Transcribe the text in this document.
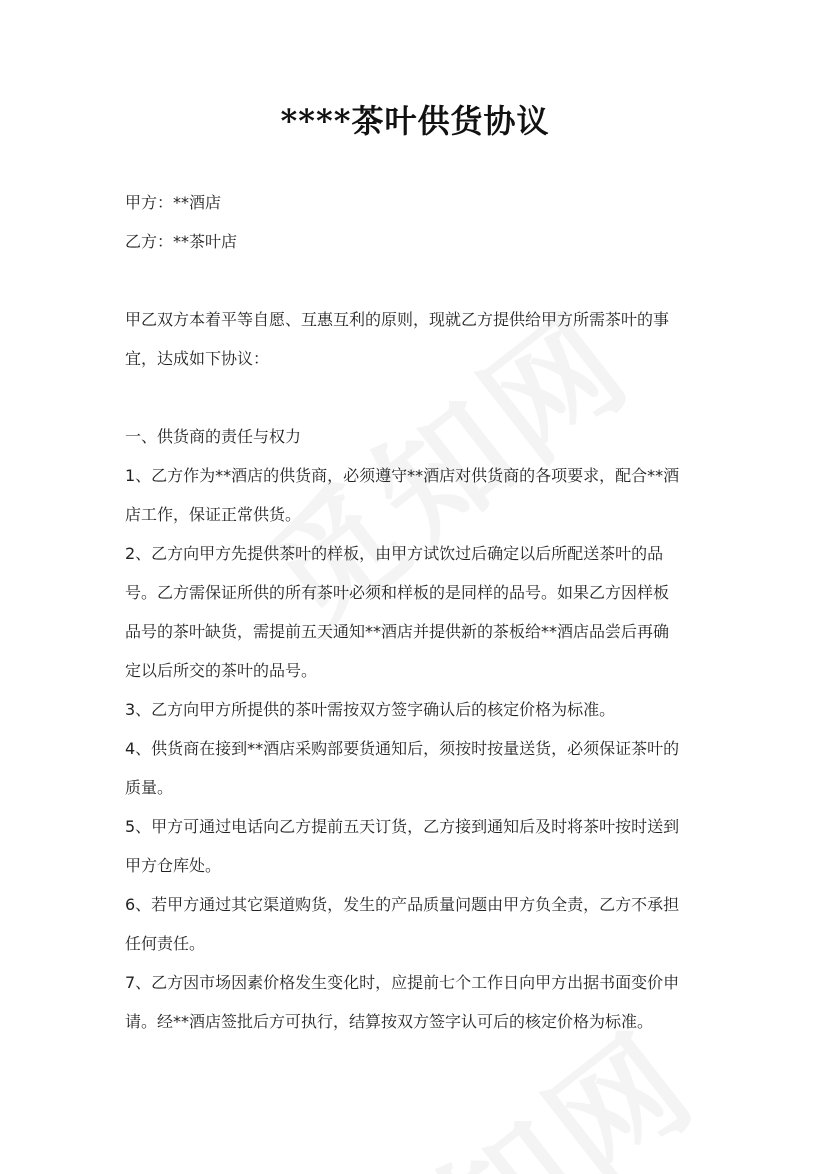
****茶叶供货协议
甲方：**酒店
乙方：**茶叶店
甲乙双方本着平等自愿、互惠互利的原则，现就乙方提供给甲方所需茶叶的事
宜，达成如下协议：
一、供货商的责任与权力
1、乙方作为**酒店的供货商，必须遵守**酒店对供货商的各项要求，配合**酒
店工作，保证正常供货。
2、乙方向甲方先提供茶叶的样板，由甲方试饮过后确定以后所配送茶叶的品
号。乙方需保证所供的所有茶叶必须和样板的是同样的品号。如果乙方因样板
品号的茶叶缺货，需提前五天通知**酒店并提供新的茶板给**酒店品尝后再确
定以后所交的茶叶的品号。
3、乙方向甲方所提供的茶叶需按双方签字确认后的核定价格为标准。
4、供货商在接到**酒店采购部要货通知后，须按时按量送货，必须保证茶叶的
质量。
5、甲方可通过电话向乙方提前五天订货，乙方接到通知后及时将茶叶按时送到
甲方仓库处。
6、若甲方通过其它渠道购货，发生的产品质量问题由甲方负全责，乙方不承担
任何责任。
7、乙方因市场因素价格发生变化时，应提前七个工作日向甲方出据书面变价申
请。经**酒店签批后方可执行，结算按双方签字认可后的核定价格为标准。
